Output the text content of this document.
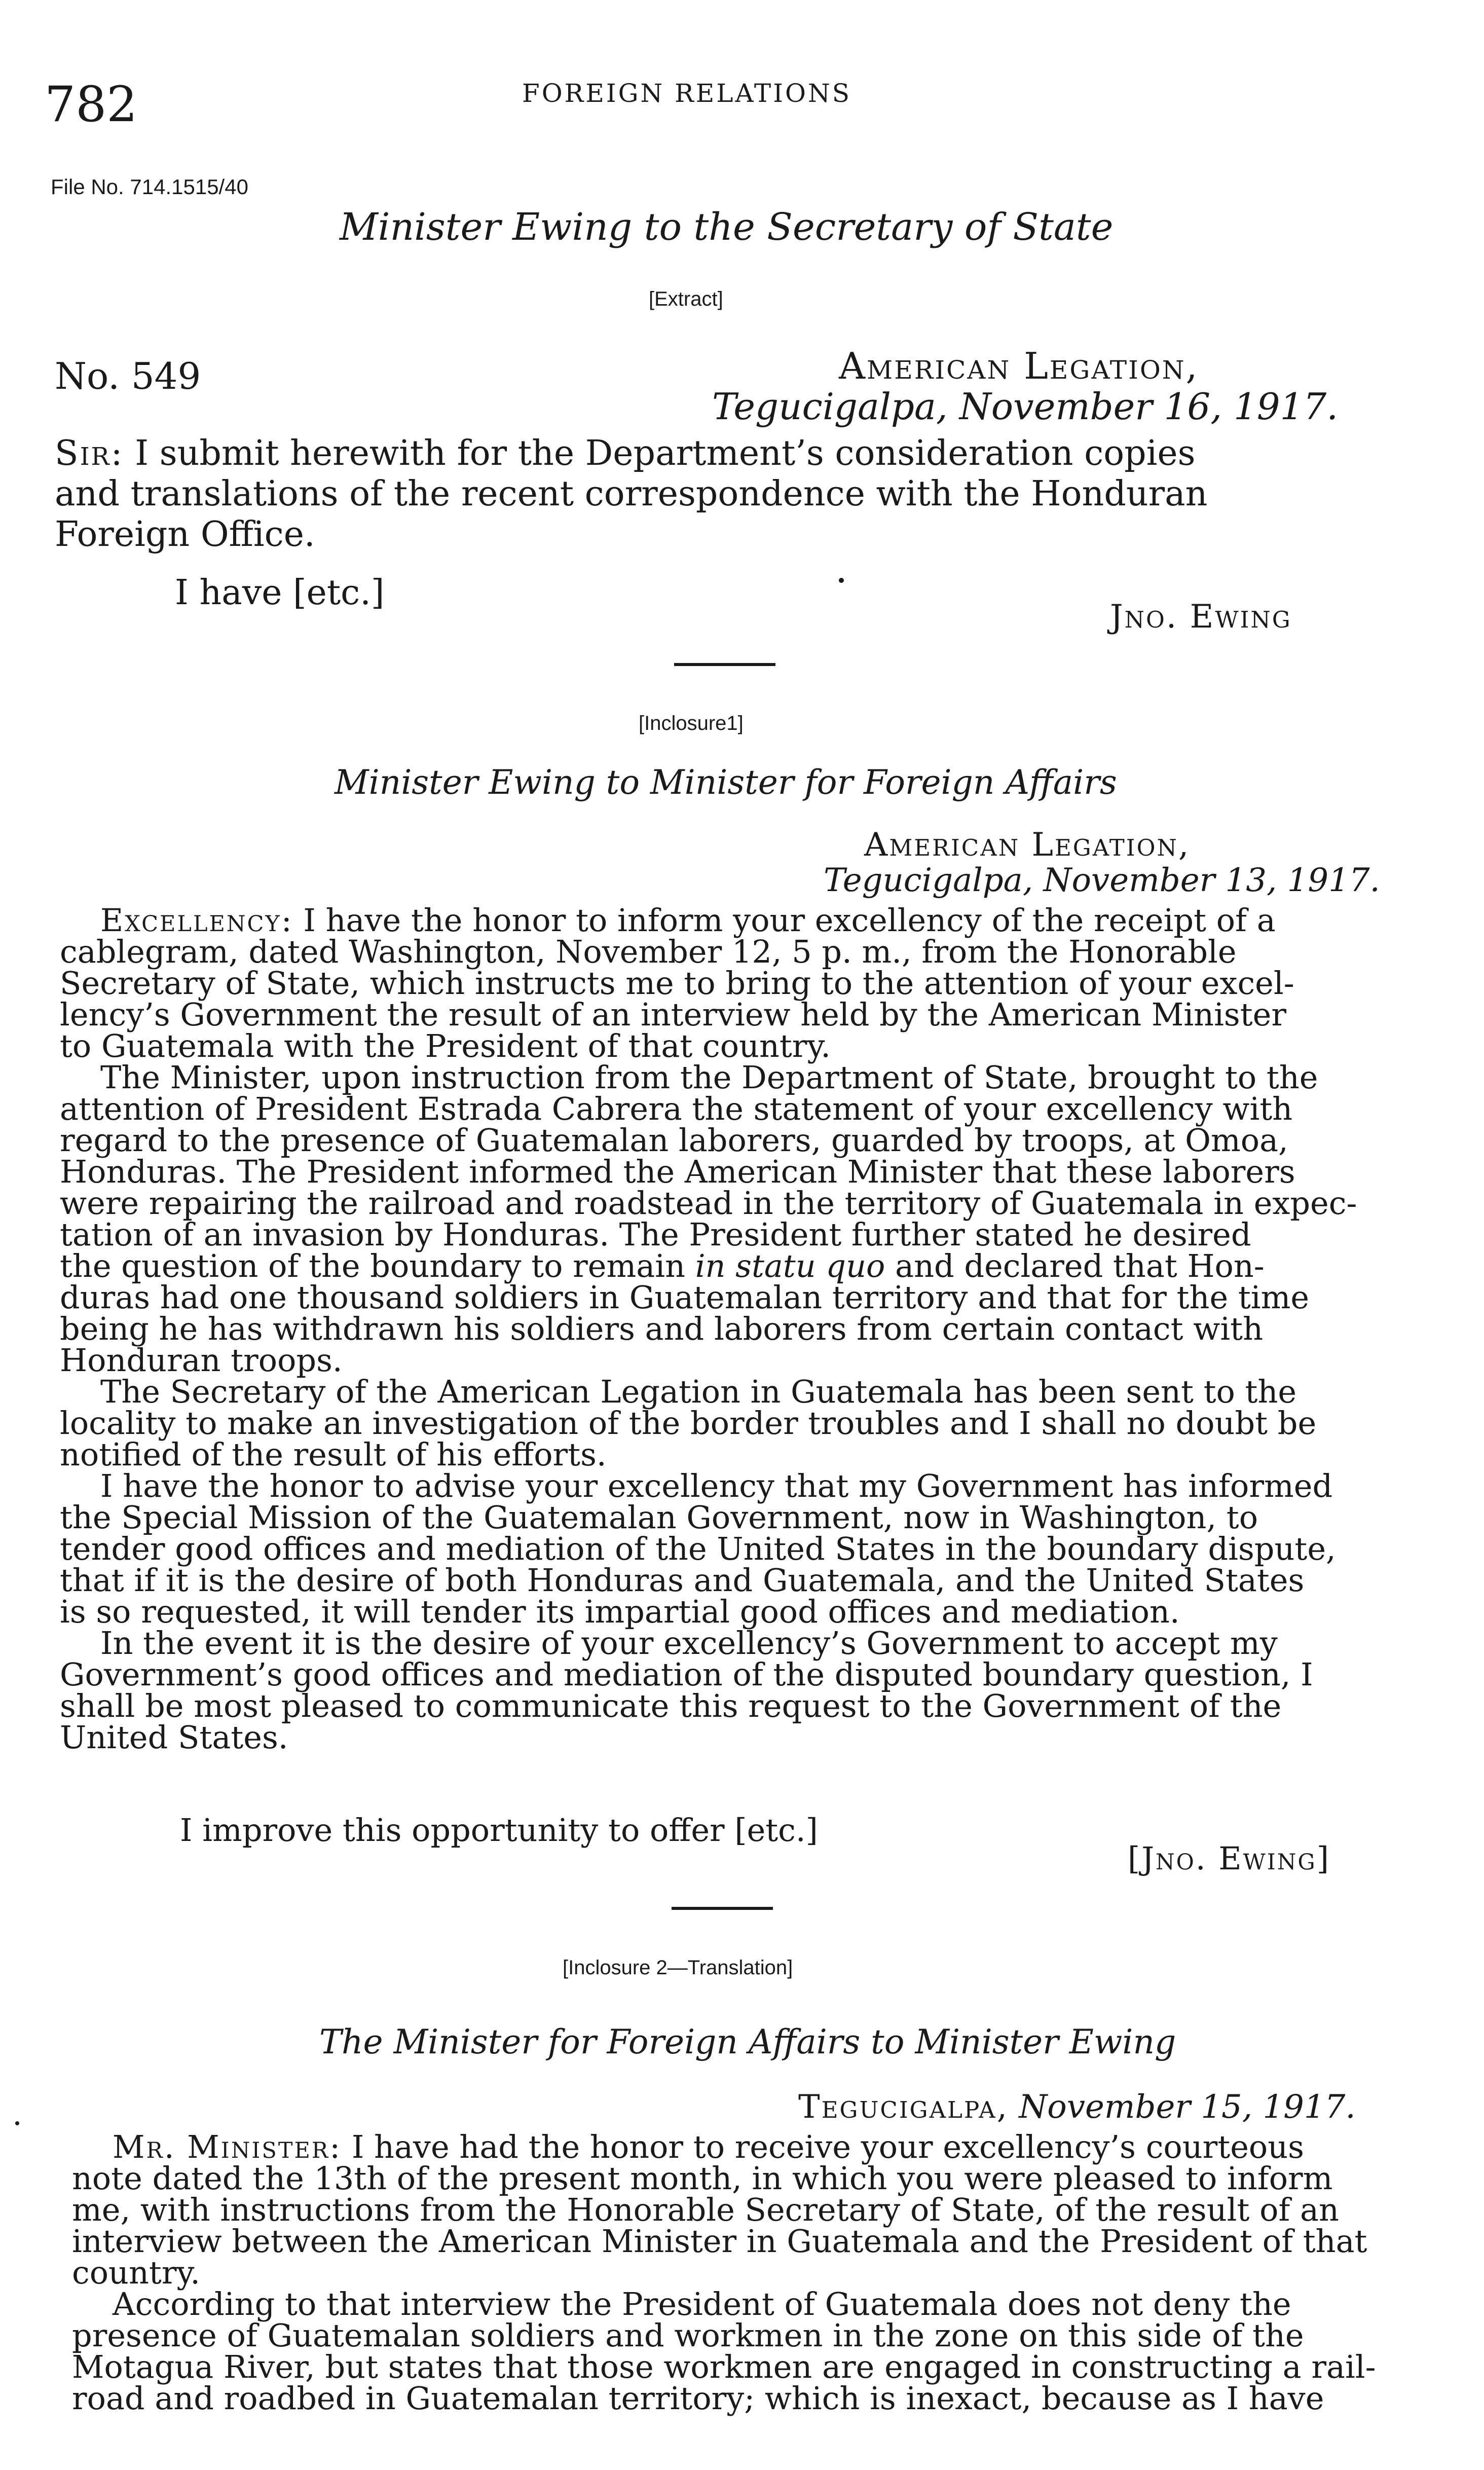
782	FOREIGN RELATIONS
File No. 714.1515/40
Minister Ewing to the Secretary of State
[Extract]
No. 549	American Legation,
Tegucigalpa, November 16, 1917.
Sir: I submit herewith for the Department’s consideration copies
and translations of the recent correspondence with the Honduran
Foreign Office.
I have [etc.]
Jno. Ewing
[Inclosure1]
Minister Ewing to Minister for Foreign Affairs
American Legation,
Tegucigalpa, November 13, 1917.
Excellency: I have the honor to inform your excellency of the receipt of a
cablegram, dated Washington, November 12, 5 p. m., from the Honorable
Secretary of State, which instructs me to bring to the attention of your excel-
lency’s Government the result of an interview held by the American Minister
to Guatemala with the President of that country.
The Minister, upon instruction from the Department of State, brought to the
attention of President Estrada Cabrera the statement of your excellency with
regard to the presence of Guatemalan laborers, guarded by troops, at Omoa,
Honduras. The President informed the American Minister that these laborers
were repairing the railroad and roadstead in the territory of Guatemala in expec-
tation of an invasion by Honduras. The President further stated he desired
the question of the boundary to remain in statu quo and declared that Hon-
duras had one thousand soldiers in Guatemalan territory and that for the time
being he has withdrawn his soldiers and laborers from certain contact with
Honduran troops.
The Secretary of the American Legation in Guatemala has been sent to the
locality to make an investigation of the border troubles and I shall no doubt be
notified of the result of his efforts.
I have the honor to advise your excellency that my Government has informed
the Special Mission of the Guatemalan Government, now in Washington, to
tender good offices and mediation of the United States in the boundary dispute,
that if it is the desire of both Honduras and Guatemala, and the United States
is so requested, it will tender its impartial good offices and mediation.
In the event it is the desire of your excellency’s Government to accept my
Government’s good offices and mediation of the disputed boundary question, I
shall be most pleased to communicate this request to the Government of the
United States.
I improve this opportunity to offer [etc.]
[Jno. Ewing]
[Inclosure 2—Translation]
The Minister for Foreign Affairs to Minister Ewing
Tegucigalpa, November 15, 1917.
Mr. Minister: I have had the honor to receive your excellency’s courteous
note dated the 13th of the present month, in which you were pleased to inform
me, with instructions from the Honorable Secretary of State, of the result of an
interview between the American Minister in Guatemala and the President of that
country.
According to that interview the President of Guatemala does not deny the
presence of Guatemalan soldiers and workmen in the zone on this side of the
Motagua River, but states that those workmen are engaged in constructing a rail-
road and roadbed in Guatemalan territory; which is inexact, because as I have
